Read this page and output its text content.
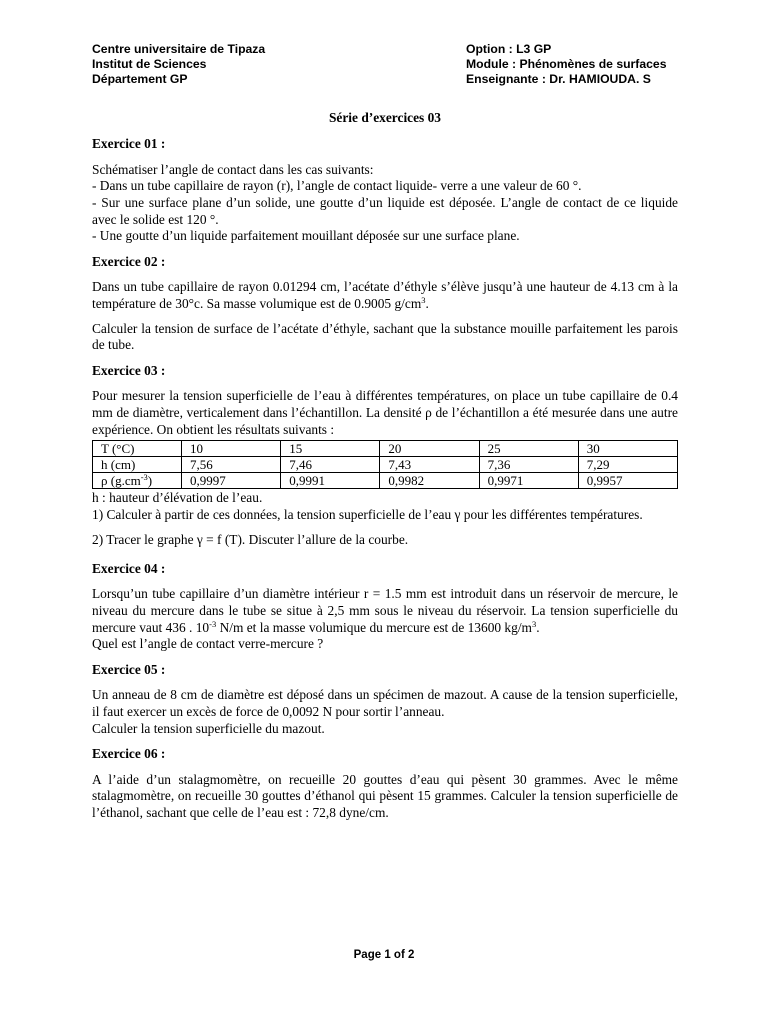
Centre universitaire de Tipaza
Institut de Sciences
Département GP
Option : L3 GP
Module : Phénomènes de surfaces
Enseignante : Dr. HAMIOUDA. S
Série d’exercices 03
Exercice 01 :
Schématiser l’angle de contact dans les cas suivants:
- Dans un tube capillaire de rayon (r), l’angle de contact liquide- verre a une valeur de 60 °.
- Sur une surface plane d’un solide, une goutte d’un liquide est déposée. L’angle de contact de ce liquide avec le solide est 120 °.
- Une goutte d’un liquide parfaitement mouillant déposée sur une surface plane.
Exercice 02 :
Dans un tube capillaire de rayon 0.01294 cm, l’acétate d’éthyle s’élève jusqu’à une hauteur de 4.13 cm à la température de 30°c. Sa masse volumique est de 0.9005 $g/cm^3$.
Calculer la tension de surface de l’acétate d’éthyle, sachant que la substance mouille parfaitement les parois de tube.
Exercice 03 :
Pour mesurer la tension superficielle de l’eau à différentes températures, on place un tube capillaire de 0.4 mm de diamètre, verticalement dans l’échantillon. La densité ρ de l’échantillon a été mesurée dans une autre expérience. On obtient les résultats suivants :
T (°C)	10	15	20	25	30
h (cm)	7,56	7,46	7,43	7,36	7,29
ρ $(g.cm^{-3})$	0,9997	0,9991	0,9982	0,9971	0,9957
h : hauteur d’élévation de l’eau.
1) Calculer à partir de ces données, la tension superficielle de l’eau γ pour les différentes températures.
2) Tracer le graphe γ = f (T). Discuter l’allure de la courbe.
Exercice 04 :
Lorsqu’un tube capillaire d’un diamètre intérieur r = 1.5 mm est introduit dans un réservoir de mercure, le niveau du mercure dans le tube se situe à 2,5 mm sous le niveau du réservoir. La tension superficielle du mercure vaut 436 . $10^{-3}$ N/m et la masse volumique du mercure est de 13600 $kg/m^3$.
Quel est l’angle de contact verre-mercure ?
Exercice 05 :
Un anneau de 8 cm de diamètre est déposé dans un spécimen de mazout. A cause de la tension superficielle, il faut exercer un excès de force de 0,0092 N pour sortir l’anneau.
Calculer la tension superficielle du mazout.
Exercice 06 :
A l’aide d’un stalagmomètre, on recueille 20 gouttes d’eau qui pèsent 30 grammes. Avec le même stalagmomètre, on recueille 30 gouttes d’éthanol qui pèsent 15 grammes. Calculer la tension superficielle de l’éthanol, sachant que celle de l’eau est : 72,8 dyne/cm.
Page 1 of 2
